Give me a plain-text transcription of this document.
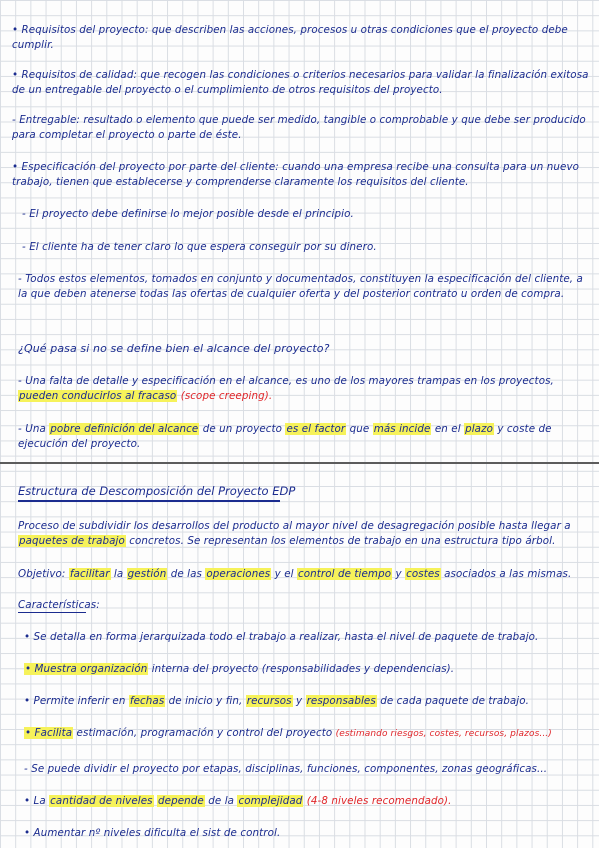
• Requisitos del proyecto: que describen las acciones, procesos u otras condiciones que el proyecto debe cumplir.
• Requisitos de calidad: que recogen las condiciones o criterios necesarios para validar la finalización exitosa de un entregable del proyecto o el cumplimiento de otros requisitos del proyecto.
- Entregable: resultado o elemento que puede ser medido, tangible o comprobable y que debe ser producido para completar el proyecto o parte de éste.
• Especificación del proyecto por parte del cliente: cuando una empresa recibe una consulta para un nuevo trabajo, tienen que establecerse y comprenderse claramente los requisitos del cliente.
- El proyecto debe definirse lo mejor posible desde el principio.
- El cliente ha de tener claro lo que espera conseguir por su dinero.
- Todos estos elementos, tomados en conjunto y documentados, constituyen la especificación del cliente, a la que deben atenerse todas las ofertas de cualquier oferta y del posterior contrato u orden de compra.
¿Qué pasa si no se define bien el alcance del proyecto?
- Una falta de detalle y especificación en el alcance, es uno de los mayores trampas en los proyectos, pueden conducirlos al fracaso (scope creeping).
- Una pobre definición del alcance de un proyecto es el factor que más incide en el plazo y coste de ejecución del proyecto.
Estructura de Descomposición del Proyecto EDP
Proceso de subdividir los desarrollos del producto al mayor nivel de desagregación posible hasta llegar a paquetes de trabajo concretos. Se representan los elementos de trabajo en una estructura tipo árbol.
Objetivo: facilitar la gestión de las operaciones y el control de tiempo y costes asociados a las mismas.
Características:
• Se detalla en forma jerarquizada todo el trabajo a realizar, hasta el nivel de paquete de trabajo.
• Muestra organización interna del proyecto (responsabilidades y dependencias).
• Permite inferir en fechas de inicio y fin, recursos y responsables de cada paquete de trabajo.
• Facilita estimación, programación y control del proyecto (estimando riesgos, costes, recursos, plazos...)
- Se puede dividir el proyecto por etapas, disciplinas, funciones, componentes, zonas geográficas...
• La cantidad de niveles depende de la complejidad (4-8 niveles recomendado).
• Aumentar nº niveles dificulta el sist de control.
